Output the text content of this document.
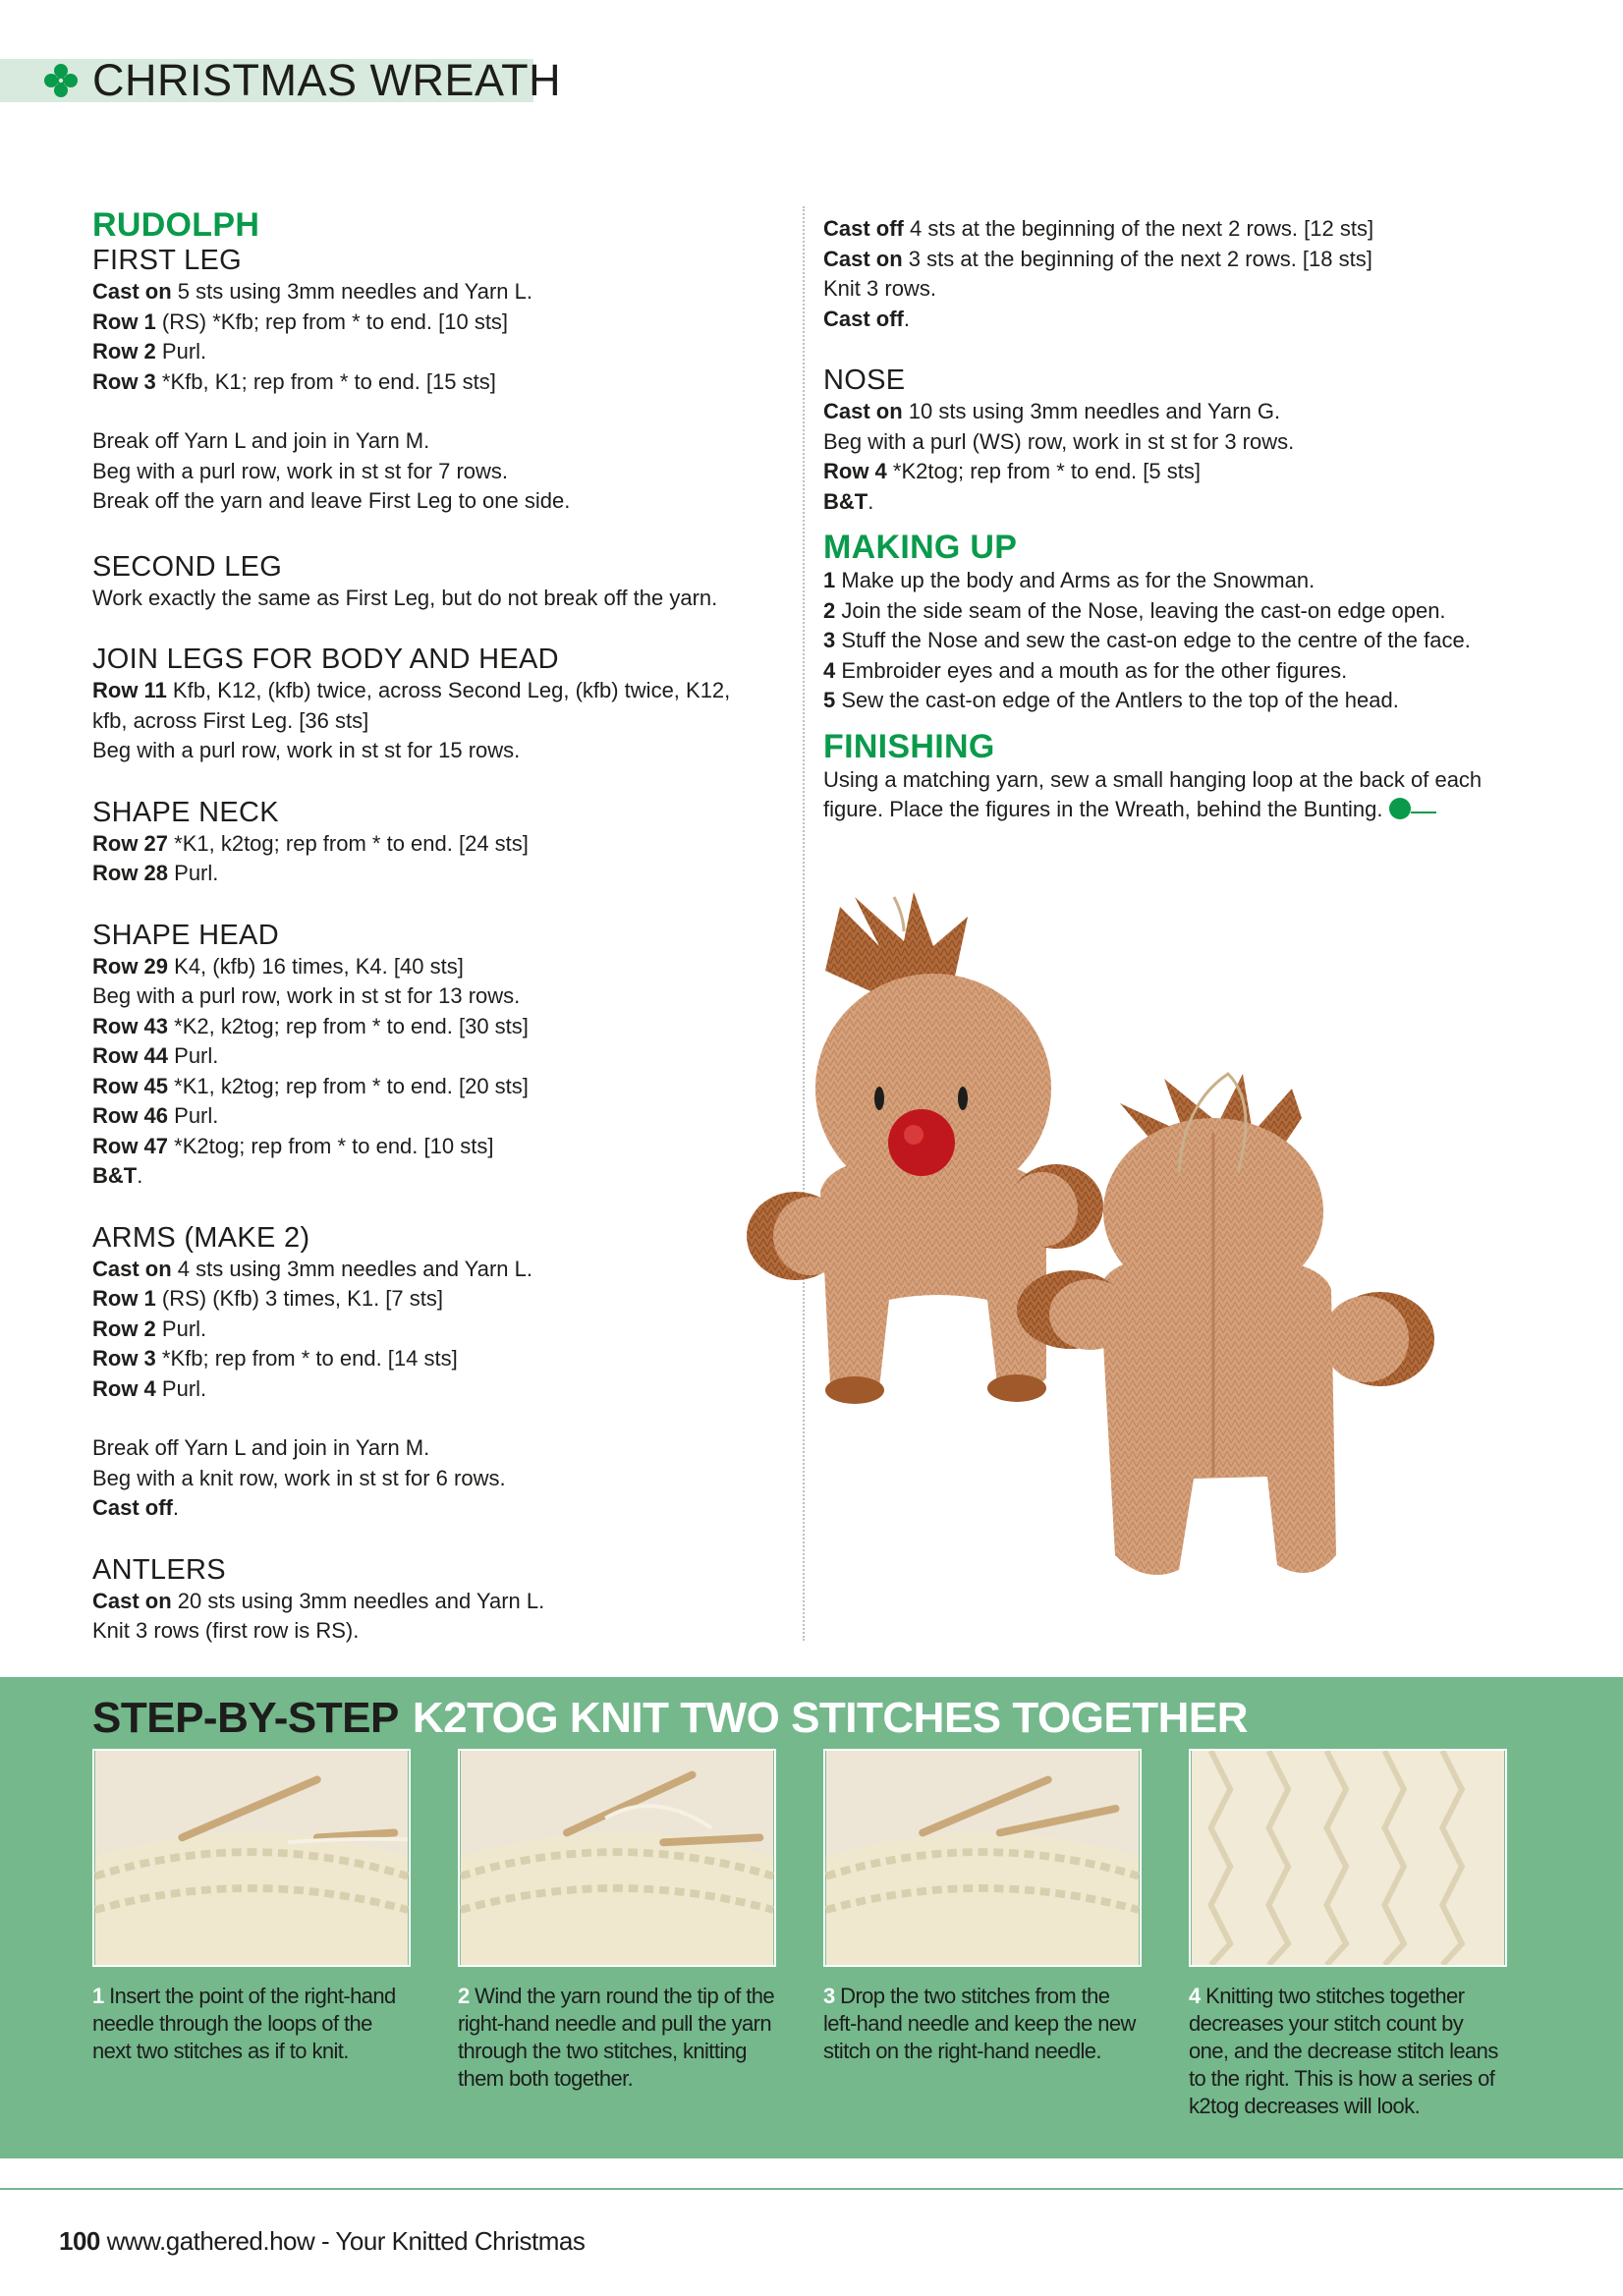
CHRISTMAS WREATH
RUDOLPH
FIRST LEG
Cast on 5 sts using 3mm needles and Yarn L.
Row 1 (RS) *Kfb; rep from * to end. [10 sts]
Row 2 Purl.
Row 3 *Kfb, K1; rep from * to end. [15 sts]
Break off Yarn L and join in Yarn M.
Beg with a purl row, work in st st for 7 rows.
Break off the yarn and leave First Leg to one side.
SECOND LEG
Work exactly the same as First Leg, but do not break off the yarn.
JOIN LEGS FOR BODY AND HEAD
Row 11 Kfb, K12, (kfb) twice, across Second Leg, (kfb) twice, K12,
kfb, across First Leg. [36 sts]
Beg with a purl row, work in st st for 15 rows.
SHAPE NECK
Row 27 *K1, k2tog; rep from * to end. [24 sts]
Row 28 Purl.
SHAPE HEAD
Row 29 K4, (kfb) 16 times, K4. [40 sts]
Beg with a purl row, work in st st for 13 rows.
Row 43 *K2, k2tog; rep from * to end. [30 sts]
Row 44 Purl.
Row 45 *K1, k2tog; rep from * to end. [20 sts]
Row 46 Purl.
Row 47 *K2tog; rep from * to end. [10 sts]
B&T.
ARMS (MAKE 2)
Cast on 4 sts using 3mm needles and Yarn L.
Row 1 (RS) (Kfb) 3 times, K1. [7 sts]
Row 2 Purl.
Row 3 *Kfb; rep from * to end. [14 sts]
Row 4 Purl.
Break off Yarn L and join in Yarn M.
Beg with a knit row, work in st st for 6 rows.
Cast off.
ANTLERS
Cast on 20 sts using 3mm needles and Yarn L.
Knit 3 rows (first row is RS).
Cast off 4 sts at the beginning of the next 2 rows. [12 sts]
Cast on 3 sts at the beginning of the next 2 rows. [18 sts]
Knit 3 rows.
Cast off.
NOSE
Cast on 10 sts using 3mm needles and Yarn G.
Beg with a purl (WS) row, work in st st for 3 rows.
Row 4 *K2tog; rep from * to end. [5 sts]
B&T.
MAKING UP
1 Make up the body and Arms as for the Snowman.
2 Join the side seam of the Nose, leaving the cast-on edge open.
3 Stuff the Nose and sew the cast-on edge to the centre of the face.
4 Embroider eyes and a mouth as for the other figures.
5 Sew the cast-on edge of the Antlers to the top of the head.
FINISHING
Using a matching yarn, sew a small hanging loop at the back of each
figure. Place the figures in the Wreath, behind the Bunting.
STEP-BY-STEP K2TOG KNIT TWO STITCHES TOGETHER
1 Insert the point of the right-hand needle through the loops of the next two stitches as if to knit.
2 Wind the yarn round the tip of the right-hand needle and pull the yarn through the two stitches, knitting them both together.
3 Drop the two stitches from the left-hand needle and keep the new stitch on the right-hand needle.
4 Knitting two stitches together decreases your stitch count by one, and the decrease stitch leans to the right. This is how a series of k2tog decreases will look.
100 www.gathered.how - Your Knitted Christmas
